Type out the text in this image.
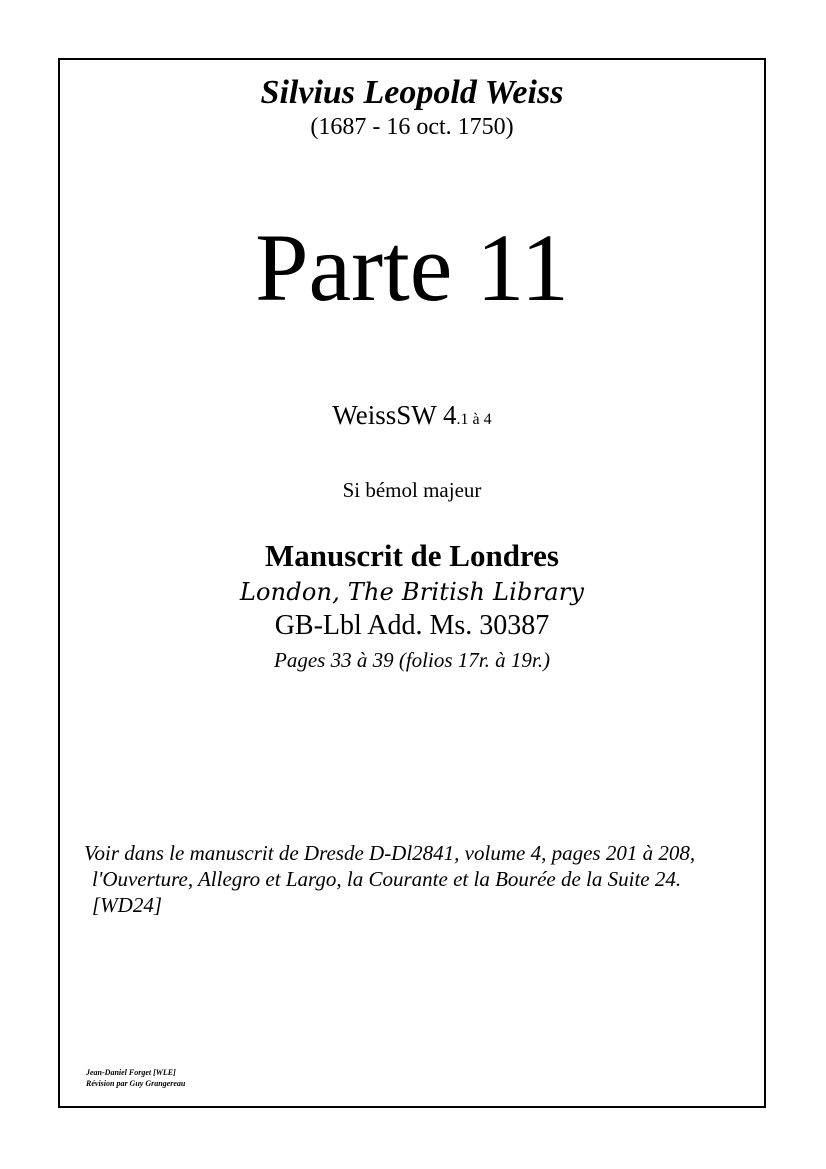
Silvius Leopold Weiss
(1687 - 16 oct. 1750)
Parte 11
WeissSW 4.1 à 4
Si bémol majeur
Manuscrit de Londres
London, The British Library
GB-Lbl Add. Ms. 30387
Pages 33 à 39 (folios 17r. à 19r.)
Voir dans le manuscrit de Dresde D-Dl2841, volume 4, pages 201 à 208,
l'Ouverture, Allegro et Largo, la Courante et la Bourée de la Suite 24.
[WD24]
Jean-Daniel Forget [WLE]
Révision par Guy Grangereau
